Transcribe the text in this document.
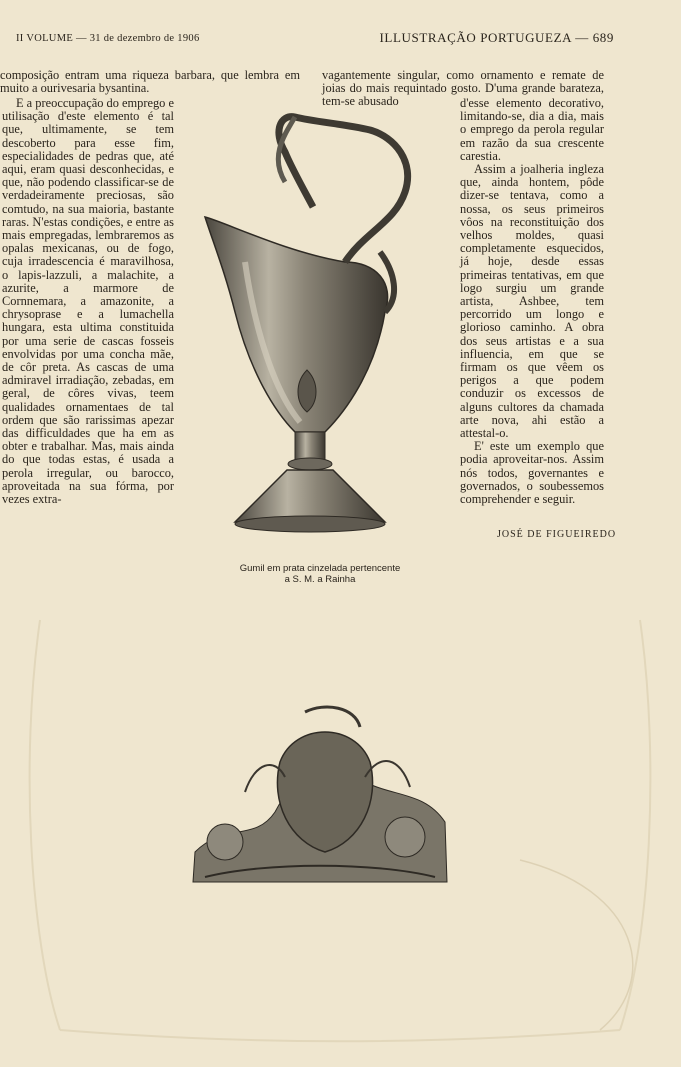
II VOLUME — 31 de dezembro de 1906	ILLUSTRAÇÃO PORTUGUEZA — 689

composição entram uma riqueza barbara, que lembra em muito a ourivesaria bysantina.

E a preoccupação do emprego e utilisação d'este elemento é tal que, ultimamente, se tem descoberto para esse fim, especialidades de pedras que, até aqui, eram quasi desconhecidas, e que, não podendo classificar-se de verdadeiramente preciosas, são comtudo, na sua maioria, bastante raras. N'estas condições, e entre as mais empregadas, lembraremos as opalas mexicanas, ou de fogo, cuja irradescencia é maravilhosa, o lapis-lazzuli, a malachite, a azurite, a marmore de Cornnemara, a amazonite, a chrysoprase e a lumachella hungara, esta ultima constituida por uma serie de cascas fosseis envolvidas por uma concha mãe, de côr preta. As cascas de uma admiravel irradiação, zebadas, em geral, de côres vivas, teem qualidades ornamentaes de tal ordem que são rarissimas apezar das difficuldades que ha em as obter e trabalhar. Mas, mais ainda do que todas estas, é usada a perola irregular, ou barocco, aproveitada na sua fórma, por vezes extra-

vagantemente singular, como ornamento e remate de joias do mais requintado gosto. D'uma grande barateza, tem-se abusado	d'esse elemento decorativo, limitando-se, dia a dia, mais o emprego da perola regular em razão da sua crescente carestia.

Assim a joalheria ingleza que, ainda hontem, pôde dizer-se tentava, como a nossa, os seus primeiros vôos na reconstituição dos velhos moldes, quasi completamente esquecidos, já hoje, desde essas primeiras tentativas, em que logo surgiu um grande artista, Ashbee, tem percorrido um longo e glorioso caminho. A obra dos seus artistas e a sua influencia, em que se firmam os que vêem os perigos a que podem conduzir os excessos de alguns cultores da chamada arte nova, ahi estão a attestal-o.

E' este um exemplo que podia aproveitar-nos. Assim nós todos, governantes e governados, o soubessemos comprehender e seguir.

JOSÉ DE FIGUEIREDO
Gumil em prata cinzelada pertencente
a S. M. a Rainha
